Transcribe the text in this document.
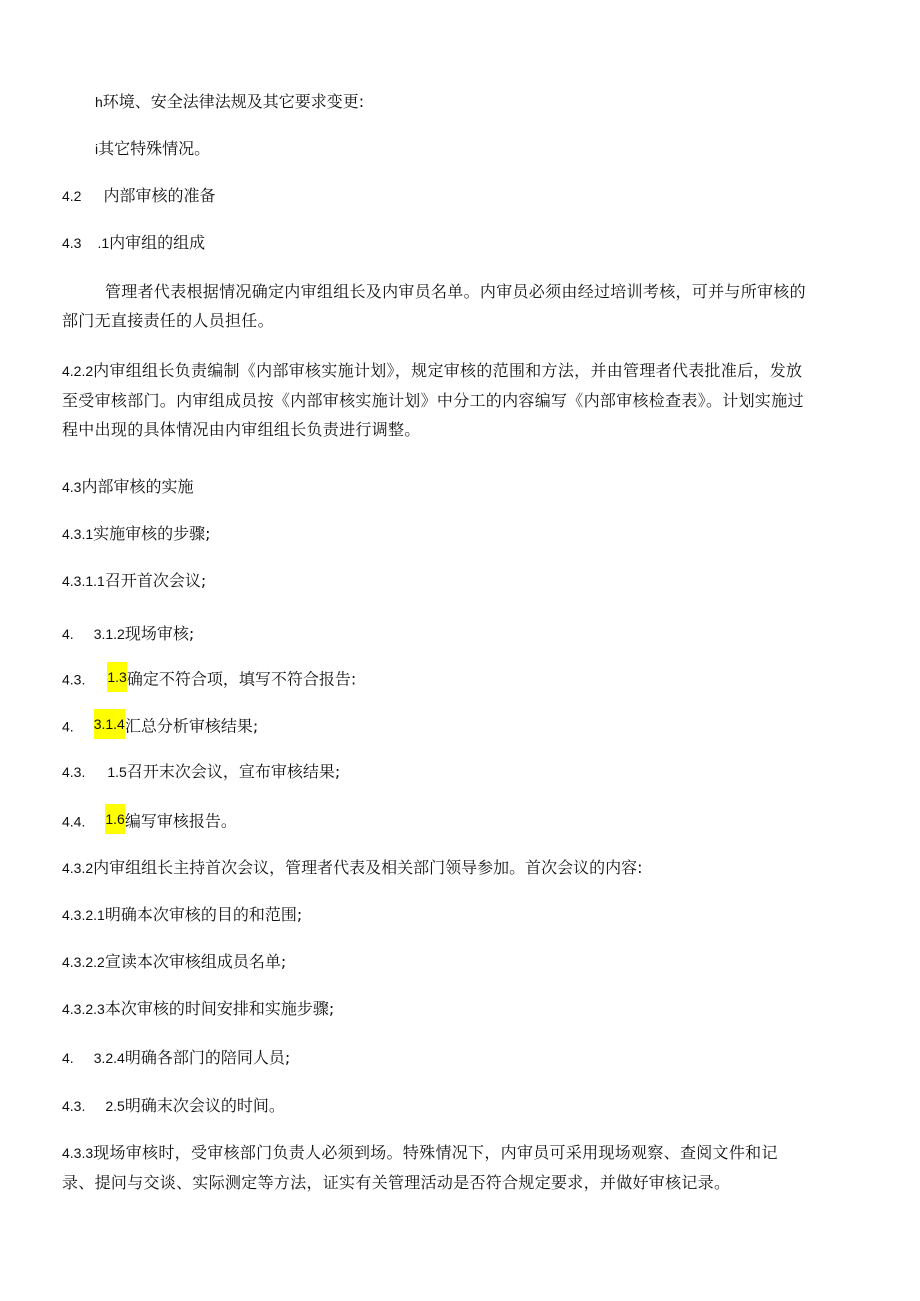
h环境、安全法律法规及其它要求变更:
i其它特殊情况。
4.2 内部审核的准备
4.3 .1内审组的组成
管理者代表根据情况确定内审组组长及内审员名单。内审员必须由经过培训考核，可并与所审核的部门无直接责任的人员担任。
4.2.2内审组组长负责编制《内部审核实施计划》，规定审核的范围和方法，并由管理者代表批准后，发放至受审核部门。内审组成员按《内部审核实施计划》中分工的内容编写《内部审核检查表》。计划实施过程中出现的具体情况由内审组组长负责进行调整。
4.3内部审核的实施
4.3.1实施审核的步骤;
4.3.1.1召开首次会议;
4. 3.1.2现场审核;
4.3. 1.3确定不符合项，填写不符合报告:
4. 3.1.4汇总分析审核结果;
4.3. 1.5召开末次会议，宣布审核结果;
4.4. 1.6编写审核报告。
4.3.2内审组组长主持首次会议，管理者代表及相关部门领导参加。首次会议的内容:
4.3.2.1明确本次审核的目的和范围;
4.3.2.2宣读本次审核组成员名单;
4.3.2.3本次审核的时间安排和实施步骤;
4. 3.2.4明确各部门的陪同人员;
4.3. 2.5明确末次会议的时间。
4.3.3现场审核时，受审核部门负责人必须到场。特殊情况下，内审员可采用现场观察、查阅文件和记录、提问与交谈、实际测定等方法，证实有关管理活动是否符合规定要求，并做好审核记录。
